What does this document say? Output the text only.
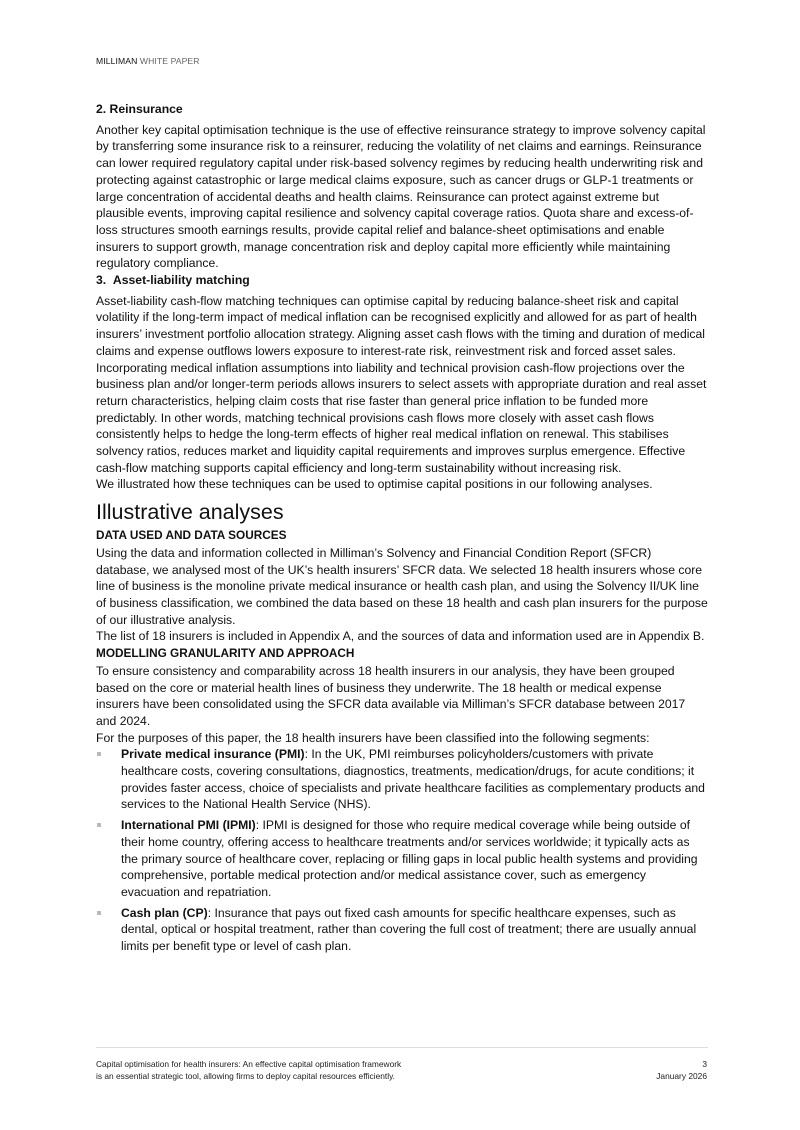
MILLIMAN WHITE PAPER
2. Reinsurance

Another key capital optimisation technique is the use of effective reinsurance strategy to improve solvency capital by transferring some insurance risk to a reinsurer, reducing the volatility of net claims and earnings. Reinsurance can lower required regulatory capital under risk-based solvency regimes by reducing health underwriting risk and protecting against catastrophic or large medical claims exposure, such as cancer drugs or GLP-1 treatments or large concentration of accidental deaths and health claims. Reinsurance can protect against extreme but plausible events, improving capital resilience and solvency capital coverage ratios. Quota share and excess-of-loss structures smooth earnings results, provide capital relief and balance-sheet optimisations and enable insurers to support growth, manage concentration risk and deploy capital more efficiently while maintaining regulatory compliance.

3.  Asset-liability matching

Asset-liability cash-flow matching techniques can optimise capital by reducing balance-sheet risk and capital volatility if the long-term impact of medical inflation can be recognised explicitly and allowed for as part of health insurers’ investment portfolio allocation strategy. Aligning asset cash flows with the timing and duration of medical claims and expense outflows lowers exposure to interest-rate risk, reinvestment risk and forced asset sales. Incorporating medical inflation assumptions into liability and technical provision cash-flow projections over the business plan and/or longer-term periods allows insurers to select assets with appropriate duration and real asset return characteristics, helping claim costs that rise faster than general price inflation to be funded more predictably. In other words, matching technical provisions cash flows more closely with asset cash flows consistently helps to hedge the long-term effects of higher real medical inflation on renewal. This stabilises solvency ratios, reduces market and liquidity capital requirements and improves surplus emergence. Effective cash-flow matching supports capital efficiency and long-term sustainability without increasing risk.

We illustrated how these techniques can be used to optimise capital positions in our following analyses.

Illustrative analyses
DATA USED AND DATA SOURCES

Using the data and information collected in Milliman’s Solvency and Financial Condition Report (SFCR) database, we analysed most of the UK’s health insurers’ SFCR data. We selected 18 health insurers whose core line of business is the monoline private medical insurance or health cash plan, and using the Solvency II/UK line of business classification, we combined the data based on these 18 health and cash plan insurers for the purpose of our illustrative analysis.

The list of 18 insurers is included in Appendix A, and the sources of data and information used are in Appendix B.

MODELLING GRANULARITY AND APPROACH

To ensure consistency and comparability across 18 health insurers in our analysis, they have been grouped based on the core or material health lines of business they underwrite. The 18 health or medical expense insurers have been consolidated using the SFCR data available via Milliman’s SFCR database between 2017 and 2024.

For the purposes of this paper, the 18 health insurers have been classified into the following segments:

Private medical insurance (PMI): In the UK, PMI reimburses policyholders/customers with private healthcare costs, covering consultations, diagnostics, treatments, medication/drugs, for acute conditions; it provides faster access, choice of specialists and private healthcare facilities as complementary products and services to the National Health Service (NHS).
International PMI (IPMI): IPMI is designed for those who require medical coverage while being outside of their home country, offering access to healthcare treatments and/or services worldwide; it typically acts as the primary source of healthcare cover, replacing or filling gaps in local public health systems and providing comprehensive, portable medical protection and/or medical assistance cover, such as emergency evacuation and repatriation.
Cash plan (CP): Insurance that pays out fixed cash amounts for specific healthcare expenses, such as dental, optical or hospital treatment, rather than covering the full cost of treatment; there are usually annual limits per benefit type or level of cash plan.
Capital optimisation for health insurers: An effective capital optimisation framework
is an essential strategic tool, allowing firms to deploy capital resources efficiently.
3
January 2026
